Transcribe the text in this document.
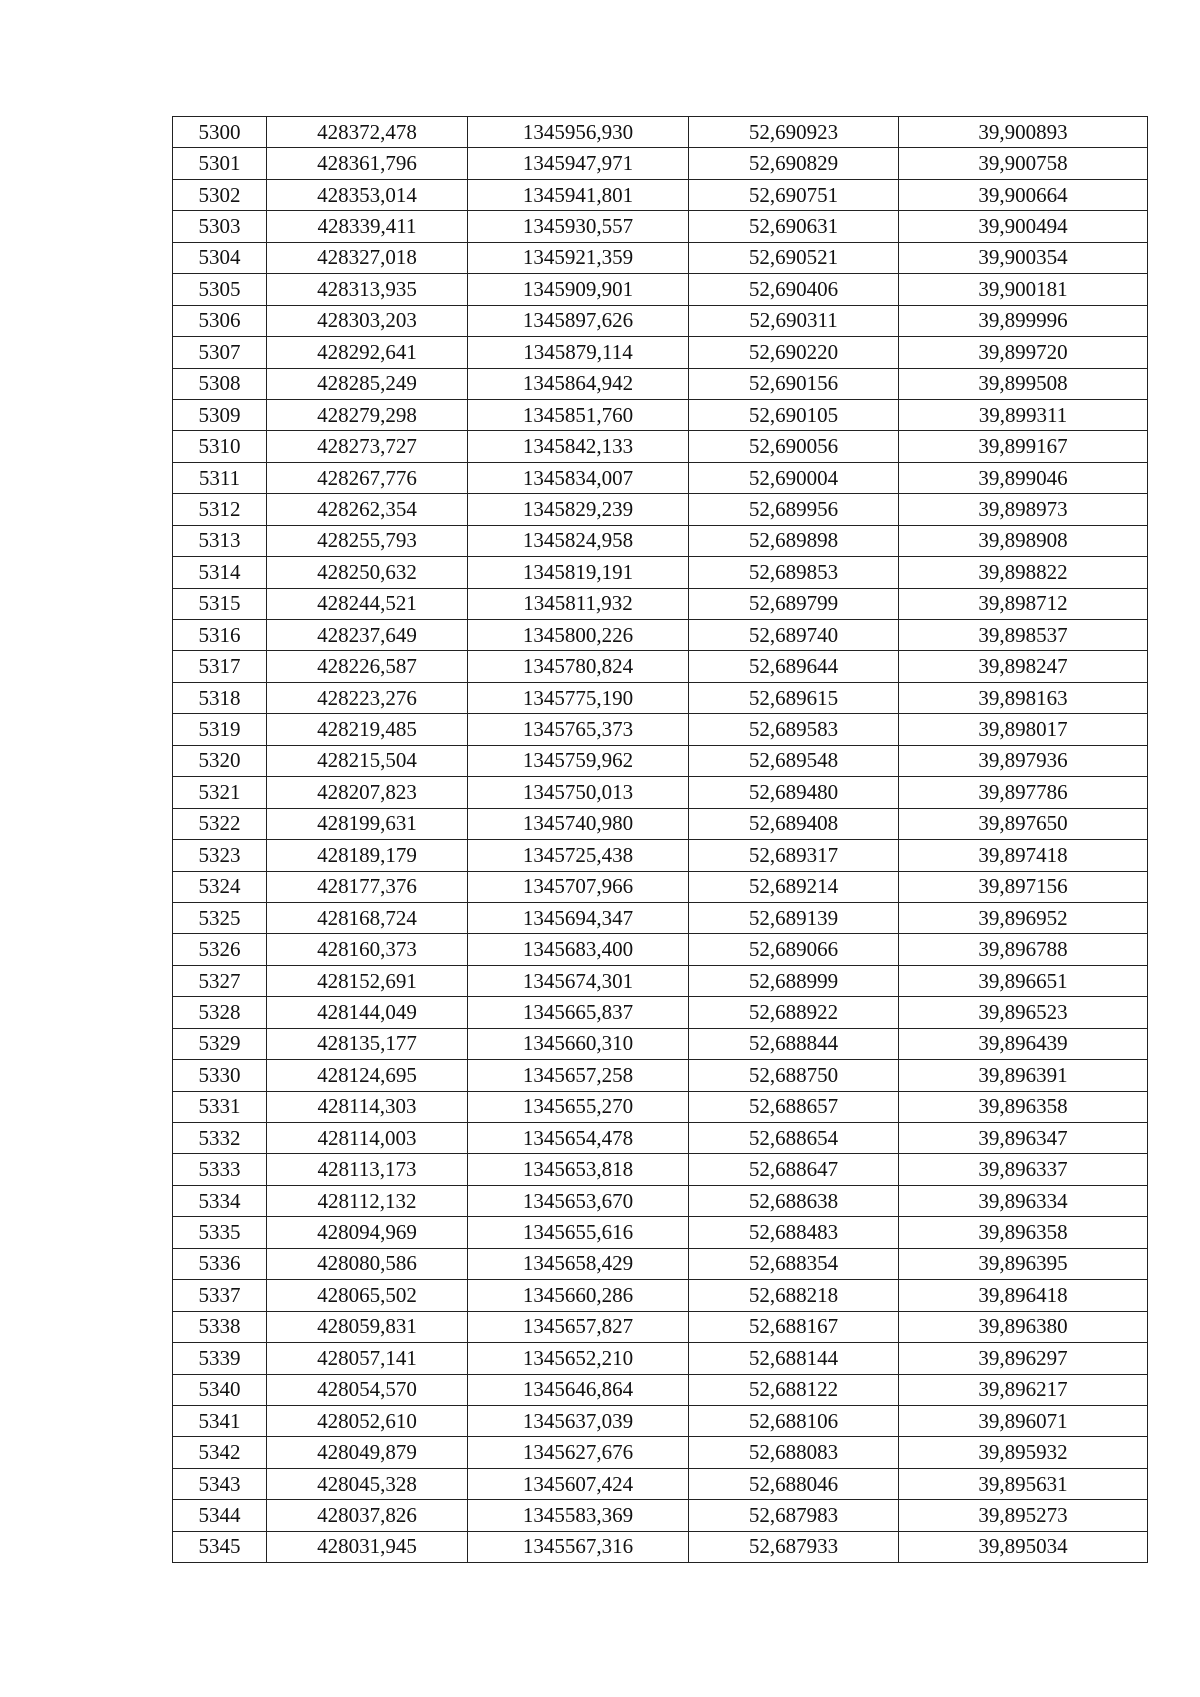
5300	428372,478	1345956,930	52,690923	39,900893
5301	428361,796	1345947,971	52,690829	39,900758
5302	428353,014	1345941,801	52,690751	39,900664
5303	428339,411	1345930,557	52,690631	39,900494
5304	428327,018	1345921,359	52,690521	39,900354
5305	428313,935	1345909,901	52,690406	39,900181
5306	428303,203	1345897,626	52,690311	39,899996
5307	428292,641	1345879,114	52,690220	39,899720
5308	428285,249	1345864,942	52,690156	39,899508
5309	428279,298	1345851,760	52,690105	39,899311
5310	428273,727	1345842,133	52,690056	39,899167
5311	428267,776	1345834,007	52,690004	39,899046
5312	428262,354	1345829,239	52,689956	39,898973
5313	428255,793	1345824,958	52,689898	39,898908
5314	428250,632	1345819,191	52,689853	39,898822
5315	428244,521	1345811,932	52,689799	39,898712
5316	428237,649	1345800,226	52,689740	39,898537
5317	428226,587	1345780,824	52,689644	39,898247
5318	428223,276	1345775,190	52,689615	39,898163
5319	428219,485	1345765,373	52,689583	39,898017
5320	428215,504	1345759,962	52,689548	39,897936
5321	428207,823	1345750,013	52,689480	39,897786
5322	428199,631	1345740,980	52,689408	39,897650
5323	428189,179	1345725,438	52,689317	39,897418
5324	428177,376	1345707,966	52,689214	39,897156
5325	428168,724	1345694,347	52,689139	39,896952
5326	428160,373	1345683,400	52,689066	39,896788
5327	428152,691	1345674,301	52,688999	39,896651
5328	428144,049	1345665,837	52,688922	39,896523
5329	428135,177	1345660,310	52,688844	39,896439
5330	428124,695	1345657,258	52,688750	39,896391
5331	428114,303	1345655,270	52,688657	39,896358
5332	428114,003	1345654,478	52,688654	39,896347
5333	428113,173	1345653,818	52,688647	39,896337
5334	428112,132	1345653,670	52,688638	39,896334
5335	428094,969	1345655,616	52,688483	39,896358
5336	428080,586	1345658,429	52,688354	39,896395
5337	428065,502	1345660,286	52,688218	39,896418
5338	428059,831	1345657,827	52,688167	39,896380
5339	428057,141	1345652,210	52,688144	39,896297
5340	428054,570	1345646,864	52,688122	39,896217
5341	428052,610	1345637,039	52,688106	39,896071
5342	428049,879	1345627,676	52,688083	39,895932
5343	428045,328	1345607,424	52,688046	39,895631
5344	428037,826	1345583,369	52,687983	39,895273
5345	428031,945	1345567,316	52,687933	39,895034
